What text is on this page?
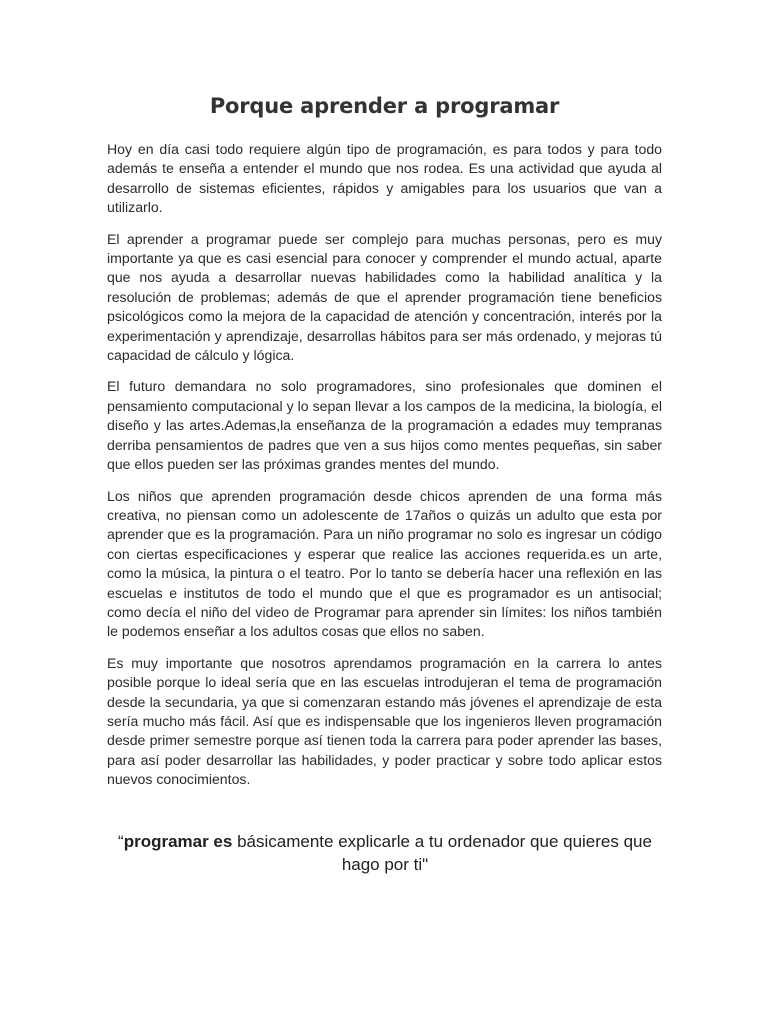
Porque aprender a programar

Hoy en día casi todo requiere algún tipo de programación, es para todos y para todo además te enseña a entender el mundo que nos rodea. Es una actividad que ayuda al desarrollo de sistemas eficientes, rápidos y amigables para los usuarios que van a utilizarlo.

El aprender a programar puede ser complejo para muchas personas, pero es muy importante ya que es casi esencial para conocer y comprender el mundo actual, aparte que nos ayuda a desarrollar nuevas habilidades como la habilidad analítica y la resolución de problemas; además de que el aprender programación tiene beneficios psicológicos como la mejora de la capacidad de atención y concentración, interés por la experimentación y aprendizaje, desarrollas hábitos para ser más ordenado, y mejoras tú capacidad de cálculo y lógica.

El futuro demandara no solo programadores, sino profesionales que dominen el pensamiento computacional y lo sepan llevar a los campos de la medicina, la biología, el diseño y las artes.Ademas,la enseñanza de la programación a edades muy tempranas derriba pensamientos de padres que ven a sus hijos como mentes pequeñas, sin saber que ellos pueden ser las próximas grandes mentes del mundo.

Los niños que aprenden programación desde chicos aprenden de una forma más creativa, no piensan como un adolescente de 17años o quizás un adulto que esta por aprender que es la programación. Para un niño programar no solo es ingresar un código con ciertas especificaciones y esperar que realice las acciones requerida.es un arte, como la música, la pintura o el teatro. Por lo tanto se debería hacer una reflexión en las escuelas e institutos de todo el mundo que el que es programador es un antisocial; como decía el niño del video de Programar para aprender sin límites: los niños también le podemos enseñar a los adultos cosas que ellos no saben.

Es muy importante que nosotros aprendamos programación en la carrera lo antes posible porque lo ideal sería que en las escuelas introdujeran el tema de programación desde la secundaria, ya que si comenzaran estando más jóvenes el aprendizaje de esta sería mucho más fácil. Así que es indispensable que los ingenieros lleven programación desde primer semestre porque así tienen toda la carrera para poder aprender las bases, para así poder desarrollar las habilidades, y poder practicar y sobre todo aplicar estos nuevos conocimientos.

“programar es básicamente explicarle a tu ordenador que quieres que hago por ti"
